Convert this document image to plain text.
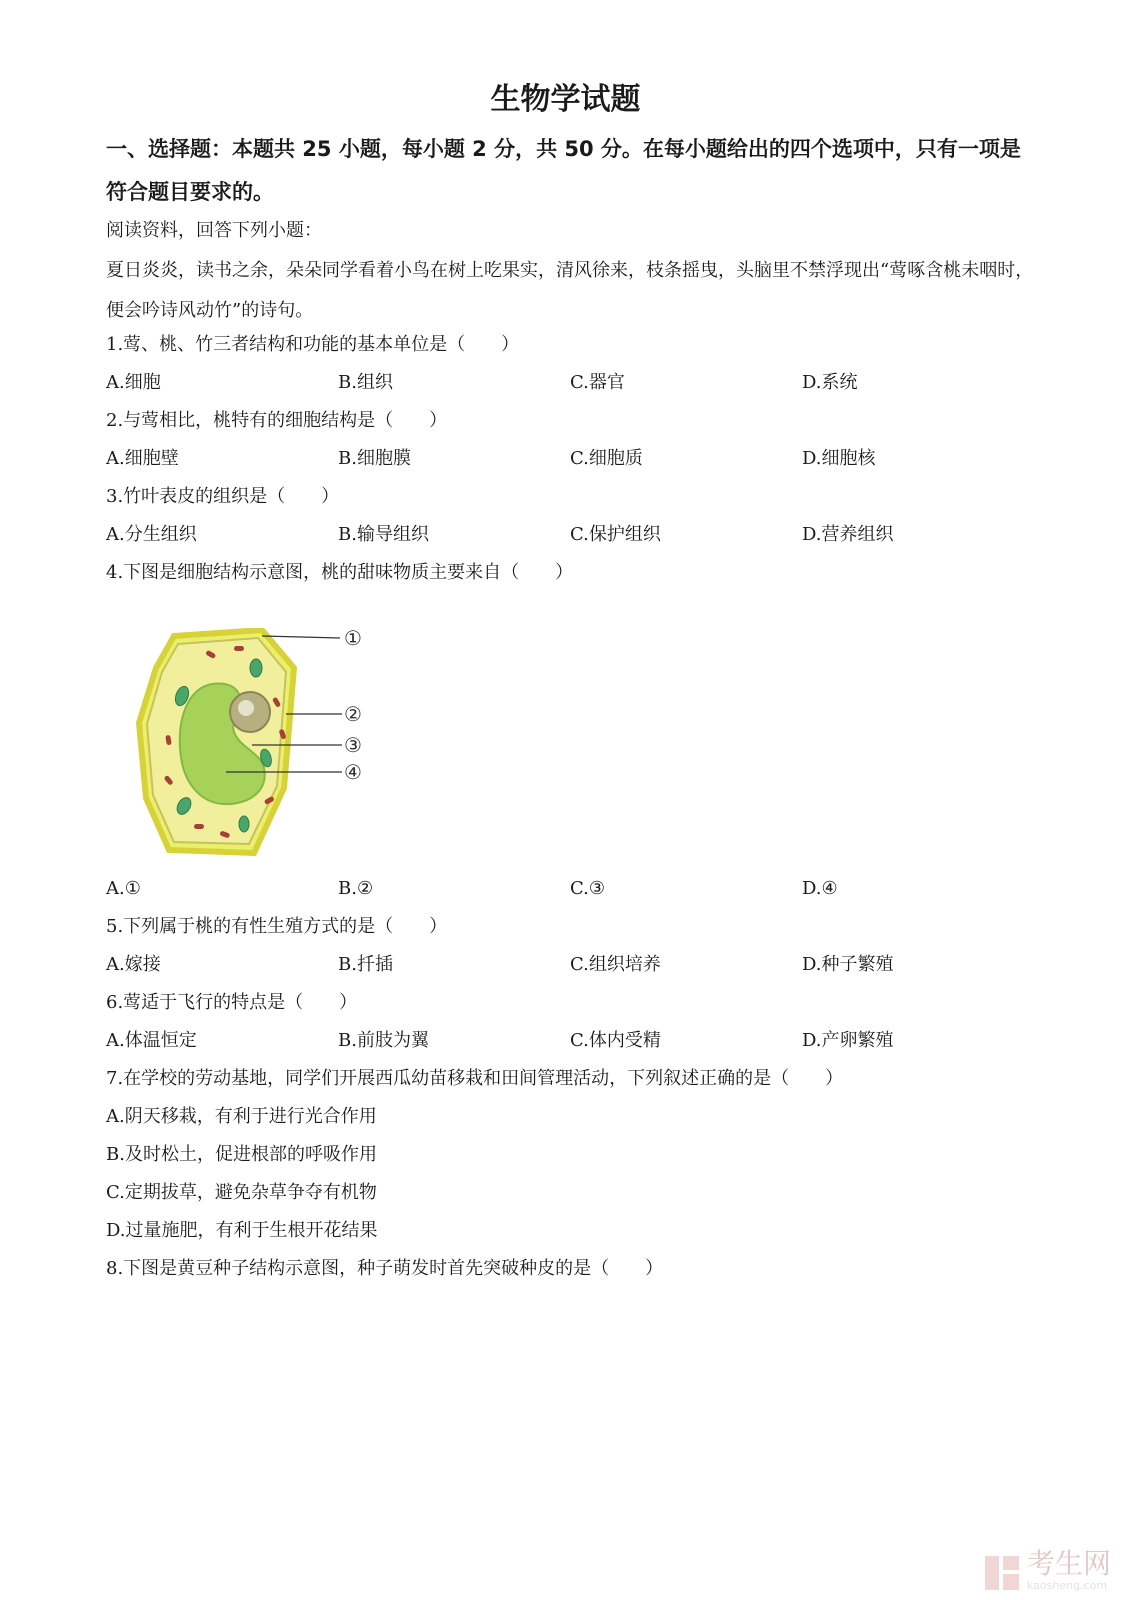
生物学试题
一、选择题：本题共 25 小题，每小题 2 分，共 50 分。在每小题给出的四个选项中，只有一项是符合题目要求的。
阅读资料，回答下列小题：
夏日炎炎，读书之余，朵朵同学看着小鸟在树上吃果实，清风徐来，枝条摇曳，头脑里不禁浮现出“莺啄含桃未咽时，便会吟诗风动竹”的诗句。
1.莺、桃、竹三者结构和功能的基本单位是（　　）
A.细胞	B.组织	C.器官	D.系统
2.与莺相比，桃特有的细胞结构是（　　）
A.细胞壁	B.细胞膜	C.细胞质	D.细胞核
3.竹叶表皮的组织是（　　）
A.分生组织	B.输导组织	C.保护组织	D.营养组织
4.下图是细胞结构示意图，桃的甜味物质主要来自（　　）
①
②
③
④
A.①	B.②	C.③	D.④
5.下列属于桃的有性生殖方式的是（　　）
A.嫁接	B.扦插	C.组织培养	D.种子繁殖
6.莺适于飞行的特点是（　　）
A.体温恒定	B.前肢为翼	C.体内受精	D.产卵繁殖
7.在学校的劳动基地，同学们开展西瓜幼苗移栽和田间管理活动，下列叙述正确的是（　　）
A.阴天移栽，有利于进行光合作用
B.及时松土，促进根部的呼吸作用
C.定期拔草，避免杂草争夺有机物
D.过量施肥，有利于生根开花结果
8.下图是黄豆种子结构示意图，种子萌发时首先突破种皮的是（　　）
考生网
kaosheng.com
